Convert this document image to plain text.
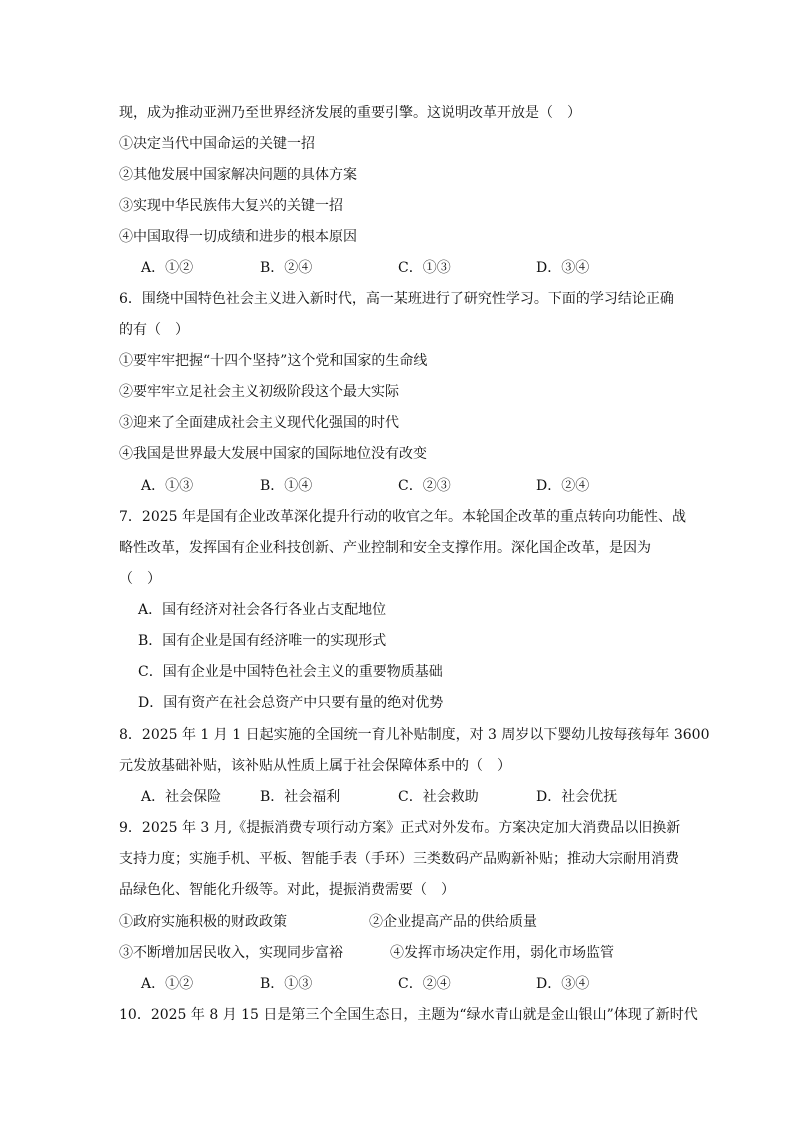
现，成为推动亚洲乃至世界经济发展的重要引擎。这说明改革开放是（　）
①决定当代中国命运的关键一招
②其他发展中国家解决问题的具体方案
③实现中华民族伟大复兴的关键一招
④中国取得一切成绩和进步的根本原因
A．①②	B．②④	C．①③	D．③④
6．围绕中国特色社会主义进入新时代，高一某班进行了研究性学习。下面的学习结论正确
的有（　）
①要牢牢把握“十四个坚持”这个党和国家的生命线
②要牢牢立足社会主义初级阶段这个最大实际
③迎来了全面建成社会主义现代化强国的时代
④我国是世界最大发展中国家的国际地位没有改变
A．①③	B．①④	C．②③	D．②④
7．2025 年是国有企业改革深化提升行动的收官之年。本轮国企改革的重点转向功能性、战
略性改革，发挥国有企业科技创新、产业控制和安全支撑作用。深化国企改革，是因为
（　）
A．国有经济对社会各行各业占支配地位
B．国有企业是国有经济唯一的实现形式
C．国有企业是中国特色社会主义的重要物质基础
D．国有资产在社会总资产中只要有量的绝对优势
8．2025 年 1 月 1 日起实施的全国统一育儿补贴制度，对 3 周岁以下婴幼儿按每孩每年 3600
元发放基础补贴，该补贴从性质上属于社会保障体系中的（　）
A．社会保险	B．社会福利	C．社会救助	D．社会优抚
9．2025 年 3 月,《提振消费专项行动方案》正式对外发布。方案决定加大消费品以旧换新
支持力度；实施手机、平板、智能手表（手环）三类数码产品购新补贴；推动大宗耐用消费
品绿色化、智能化升级等。对此，提振消费需要（　）
①政府实施积极的财政政策	②企业提高产品的供给质量
③不断增加居民收入，实现同步富裕	④发挥市场决定作用，弱化市场监管
A．①②	B．①③	C．②④	D．③④
10．2025 年 8 月 15 日是第三个全国生态日，主题为“绿水青山就是金山银山”体现了新时代
